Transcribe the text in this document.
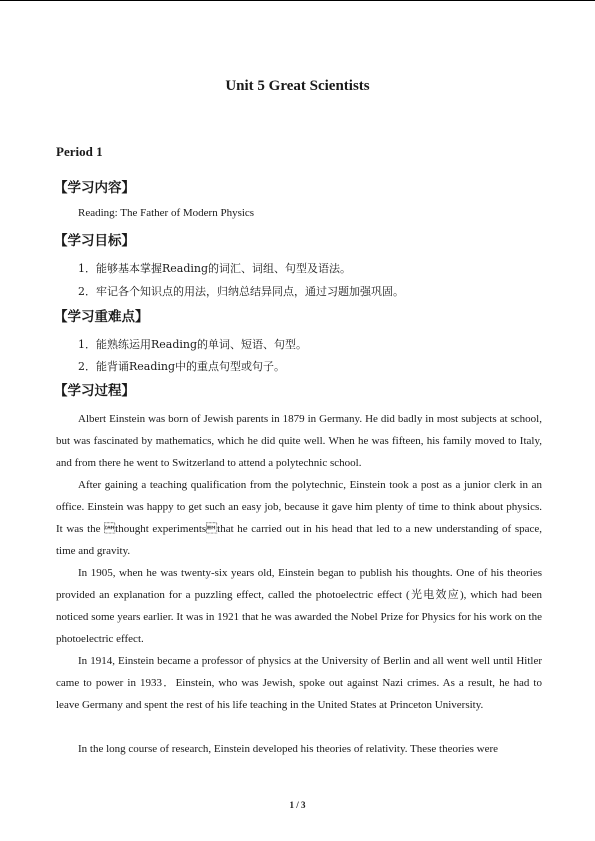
Unit 5 Great Scientists
Period 1
【学习内容】
Reading: The Father of Modern Physics
【学习目标】
1．能够基本掌握Reading的词汇、词组、句型及语法。
2．牢记各个知识点的用法，归纳总结异同点，通过习题加强巩固。
【学习重难点】
1．能熟练运用Reading的单词、短语、句型。
2．能背诵Reading中的重点句型或句子。
【学习过程】

Albert Einstein was born of Jewish parents in 1879 in Germany. He did badly in most subjects at school, but was fascinated by mathematics, which he did quite well. When he was fifteen, his family moved to Italy, and from there he went to Switzerland to attend a polytechnic school.

After gaining a teaching qualification from the polytechnic, Einstein took a post as a junior clerk in an office. Einstein was happy to get such an easy job, because it gave him plenty of time to think about physics. It was the thought experimentsthat he carried out in his head that led to a new understanding of space, time and gravity.

In 1905, when he was twenty-six years old, Einstein began to publish his thoughts. One of his theories provided an explanation for a puzzling effect, called the photoelectric effect (光电效应), which had been noticed some years earlier. It was in 1921 that he was awarded the Nobel Prize for Physics for his work on the photoelectric effect.

In 1914, Einstein became a professor of physics at the University of Berlin and all went well until Hitler came to power in 1933．Einstein, who was Jewish, spoke out against Nazi crimes. As a result, he had to leave Germany and spent the rest of his life teaching in the United States at Princeton University.

In the long course of research, Einstein developed his theories of relativity. These theories were

1 / 3
